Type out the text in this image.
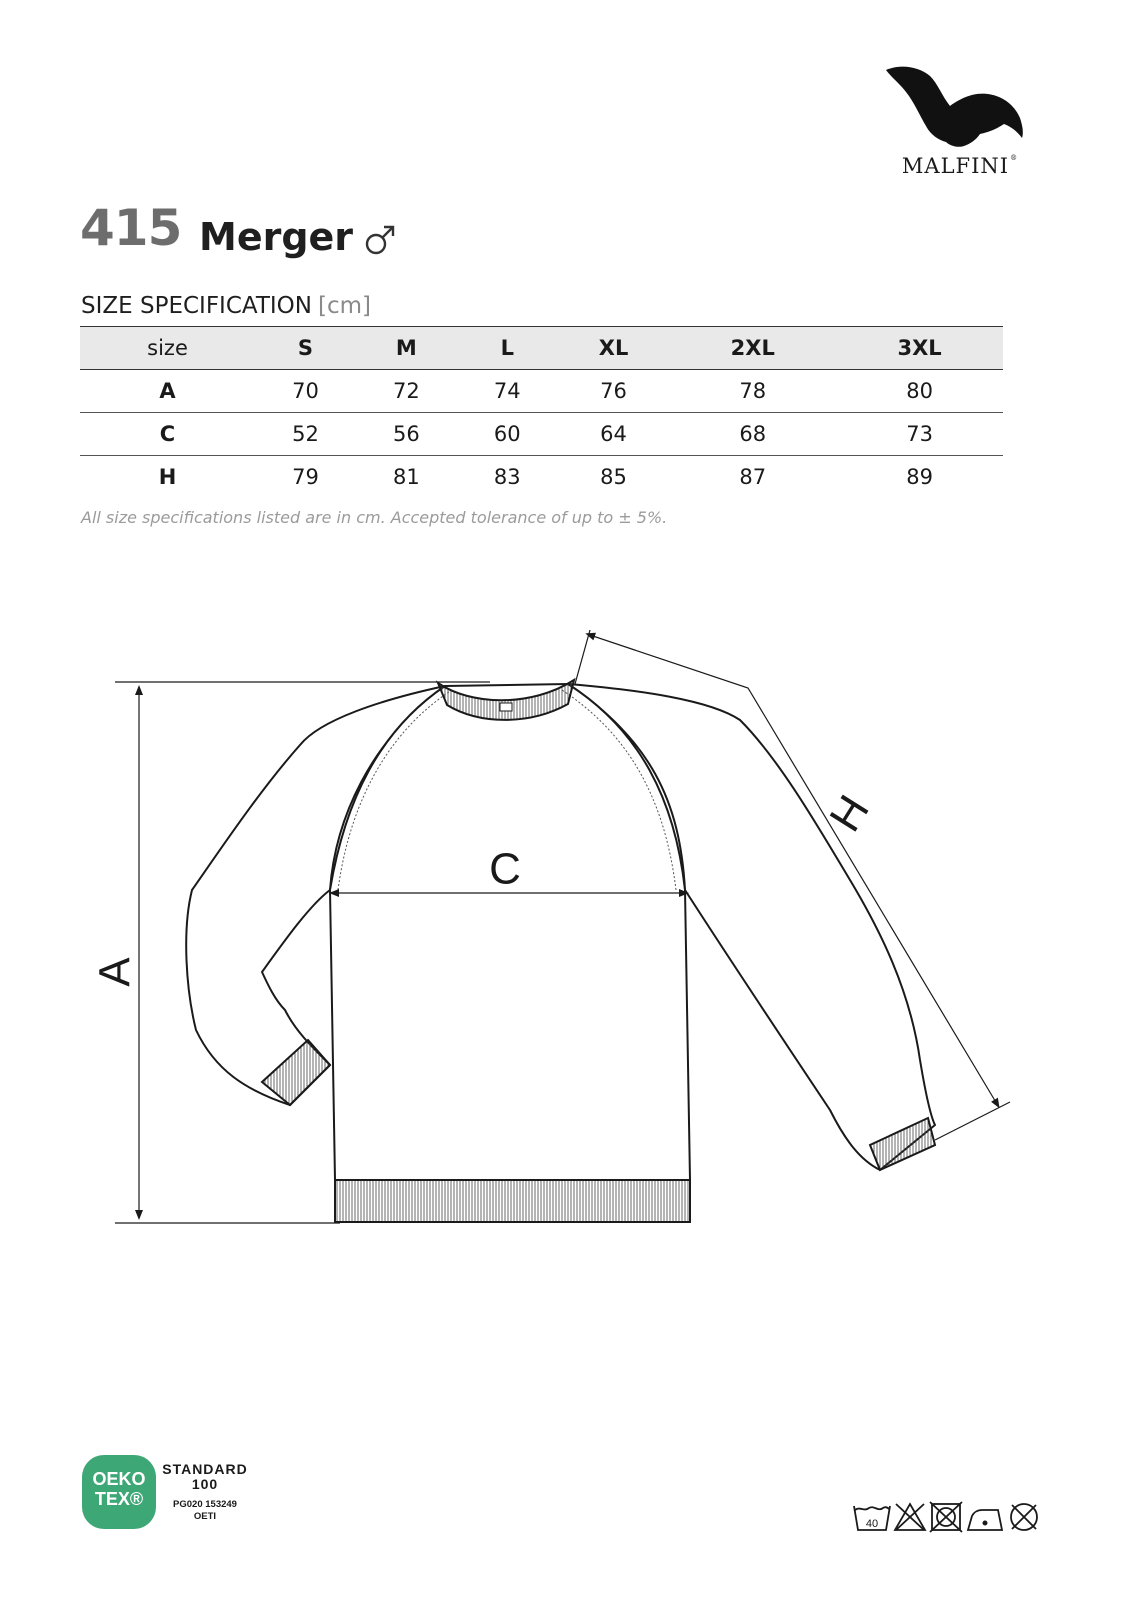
MALFINI®
415 Merger
SIZE SPECIFICATION [cm]
size	S	M	L	XL	2XL	3XL
A	70	72	74	76	78	80
C	52	56	60	64	68	73
H	79	81	83	85	87	89
All size specifications listed are in cm. Accepted tolerance of up to ± 5%.
A
C
H
OEKO
TEX®
STANDARD
100
PG020 153249
OETI
40
